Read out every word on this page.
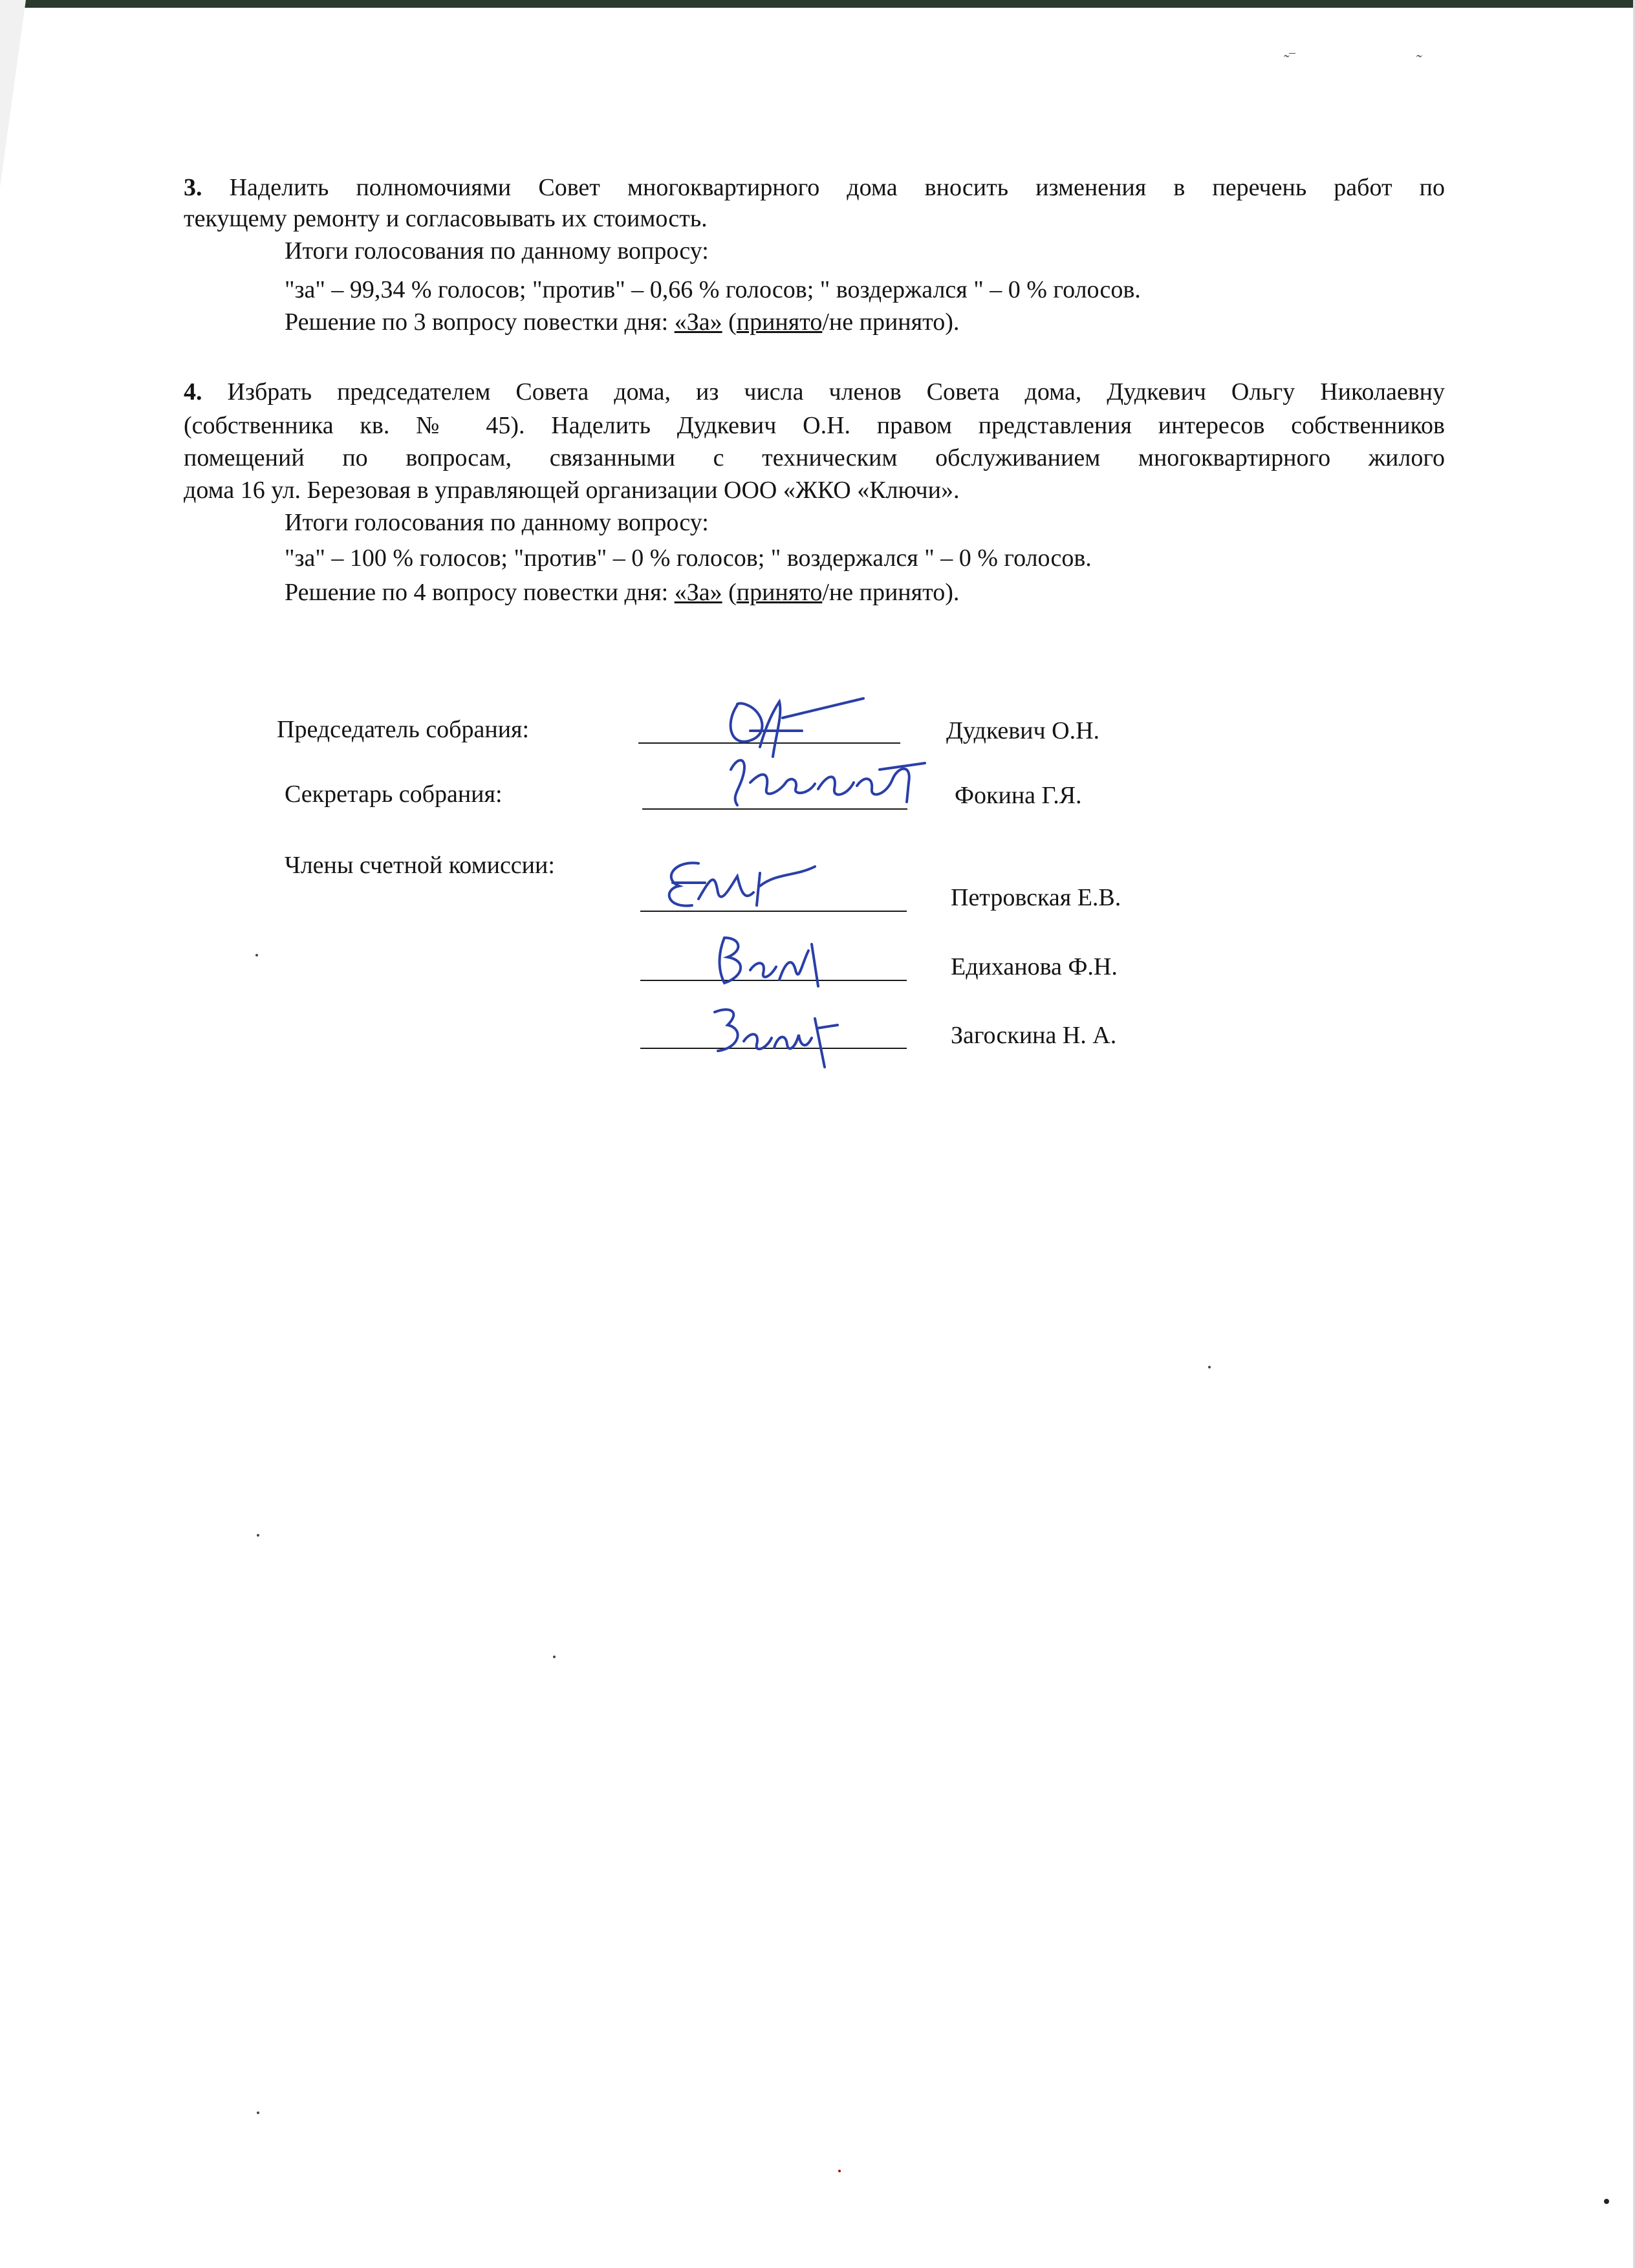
˜‾	˜
3. Наделить полномочиями Совет многоквартирного дома вносить изменения в перечень работ по
текущему ремонту и согласовывать их стоимость.
Итоги голосования по данному вопросу:
"за" – 99,34 % голосов; "против" – 0,66 % голосов; " воздержался " – 0 % голосов.
Решение по 3 вопросу повестки дня: «За» (принято/не принято).
4. Избрать председателем Совета дома, из числа членов Совета дома, Дудкевич Ольгу Николаевну
(собственника кв. № 45). Наделить Дудкевич О.Н. правом представления интересов собственников
помещений по вопросам, связанными с техническим обслуживанием многоквартирного жилого
дома 16 ул. Березовая в управляющей организации ООО «ЖКО «Ключи».
Итоги голосования по данному вопросу:
"за" – 100 % голосов; "против" – 0 % голосов; " воздержался " – 0 % голосов.
Решение по 4 вопросу повестки дня: «За» (принято/не принято).
Председатель собрания:	Дудкевич О.Н.
Секретарь собрания:	Фокина Г.Я.
Члены счетной комиссии:
Петровская Е.В.
Едиханова Ф.Н.
Загоскина Н. А.
